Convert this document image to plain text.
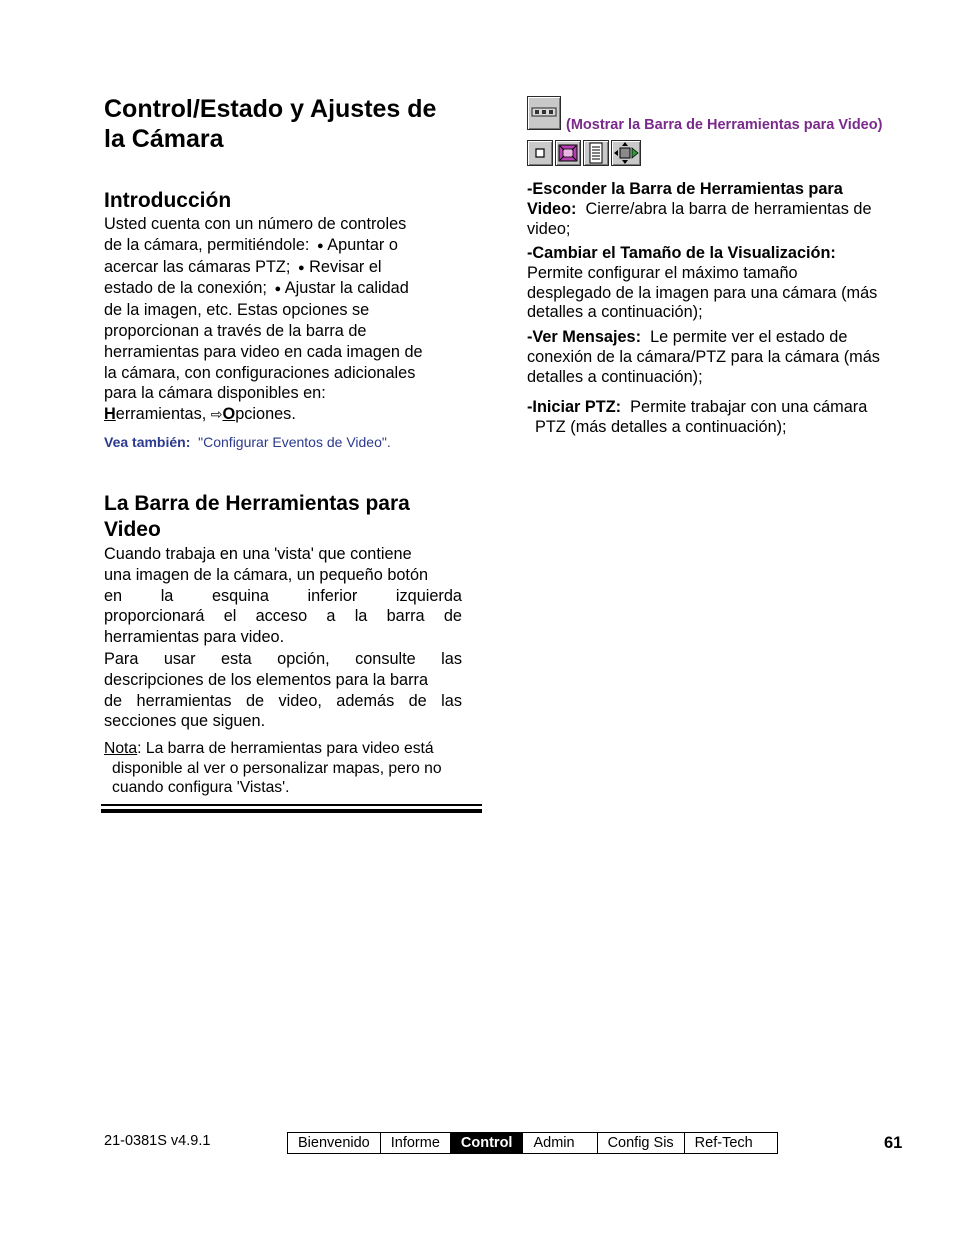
Control/Estado y Ajustes de
la Cámara
Introducción
Usted cuenta con un número de controles
de la cámara, permitiéndole:  ● Apuntar o
acercar las cámaras PTZ;  ● Revisar el
estado de la conexión;  ● Ajustar la calidad
de la imagen, etc. Estas opciones se
proporcionan a través de la barra de
herramientas para video en cada imagen de
la cámara, con configuraciones adicionales
para la cámara disponibles en:
Herramientas, ⇨Opciones.
Vea también: "Configurar Eventos de Video".
La Barra de Herramientas para
Video
Cuando trabaja en una 'vista' que contiene
una imagen de la cámara, un pequeño botón
en la esquina inferior izquierda
proporcionará el acceso a la barra de
herramientas para video.
Para usar esta opción, consulte las
descripciones de los elementos para la barra
de herramientas de video, además de las
secciones que siguen.
Nota: La barra de herramientas para video está
disponible al ver o personalizar mapas, pero no
cuando configura 'Vistas'.
(Mostrar la Barra de Herramientas para Video)
-Esconder la Barra de Herramientas para
Video: Cierre/abra la barra de herramientas de
video;
-Cambiar el Tamaño de la Visualización:
Permite configurar el máximo tamaño
desplegado de la imagen para una cámara (más
detalles a continuación);
-Ver Mensajes: Le permite ver el estado de
conexión de la cámara/PTZ para la cámara (más
detalles a continuación);
-Iniciar PTZ: Permite trabajar con una cámara
PTZ (más detalles a continuación);
21-0381S v4.9.1	Bienvenido	Informe	Control	Admin	Config Sis	Ref-Tech	61
